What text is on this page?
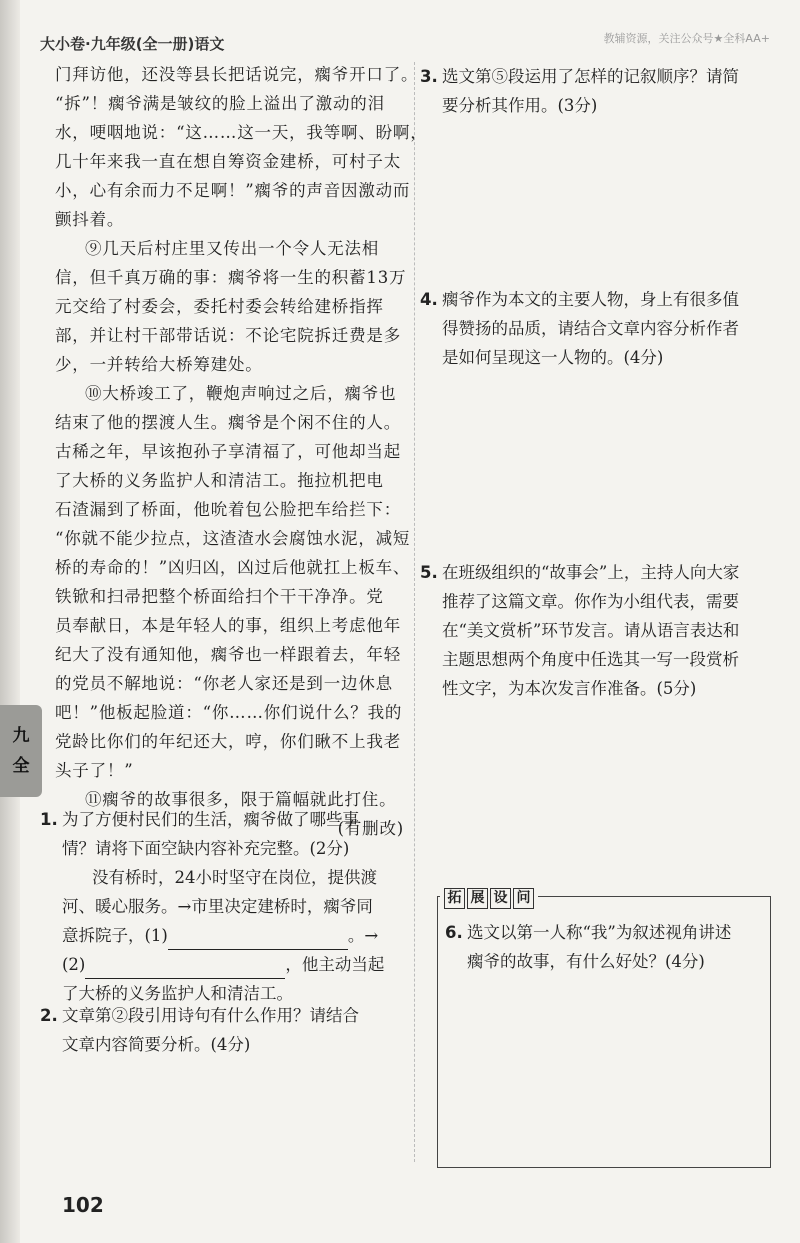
大小卷·九年级(全一册)语文	教辅资源，关注公众号★全科AA+
门拜访他，还没等县长把话说完，瘸爷开口了。
“拆”！瘸爷满是皱纹的脸上溢出了激动的泪
水，哽咽地说：“这……这一天，我等啊、盼啊，
几十年来我一直在想自筹资金建桥，可村子太
小，心有余而力不足啊！”瘸爷的声音因激动而
颤抖着。
⑨几天后村庄里又传出一个令人无法相
信，但千真万确的事：瘸爷将一生的积蓄13万
元交给了村委会，委托村委会转给建桥指挥
部，并让村干部带话说：不论宅院拆迁费是多
少，一并转给大桥筹建处。
⑩大桥竣工了，鞭炮声响过之后，瘸爷也
结束了他的摆渡人生。瘸爷是个闲不住的人。
古稀之年，早该抱孙子享清福了，可他却当起
了大桥的义务监护人和清洁工。拖拉机把电
石渣漏到了桥面，他吮着包公脸把车给拦下：
“你就不能少拉点，这渣渣水会腐蚀水泥，减短
桥的寿命的！”凶归凶，凶过后他就扛上板车、
铁锨和扫帚把整个桥面给扫个干干净净。党
员奉献日，本是年轻人的事，组织上考虑他年
纪大了没有通知他，瘸爷也一样跟着去，年轻
的党员不解地说：“你老人家还是到一边休息
吧！”他板起脸道：“你……你们说什么？我的
党龄比你们的年纪还大，哼，你们瞅不上我老
头子了！”
⑪瘸爷的故事很多，限于篇幅就此打住。
(有删改)
九
全
1. 为了方便村民们的生活，瘸爷做了哪些事
情？请将下面空缺内容补充完整。(2分)
没有桥时，24小时坚守在岗位，提供渡
河、暖心服务。→市里决定建桥时，瘸爷同
意拆院子，(1)	。→
(2)	，他主动当起
了大桥的义务监护人和清洁工。
2. 文章第②段引用诗句有什么作用？请结合
文章内容简要分析。(4分)
3. 选文第⑤段运用了怎样的记叙顺序？请简
要分析其作用。(3分)
4. 瘸爷作为本文的主要人物，身上有很多值
得赞扬的品质，请结合文章内容分析作者
是如何呈现这一人物的。(4分)
5. 在班级组织的“故事会”上，主持人向大家
推荐了这篇文章。你作为小组代表，需要
在“美文赏析”环节发言。请从语言表达和
主题思想两个角度中任选其一写一段赏析
性文字，为本次发言作准备。(5分)
拓 展 设 问
6. 选文以第一人称“我”为叙述视角讲述
瘸爷的故事，有什么好处？(4分)
102
